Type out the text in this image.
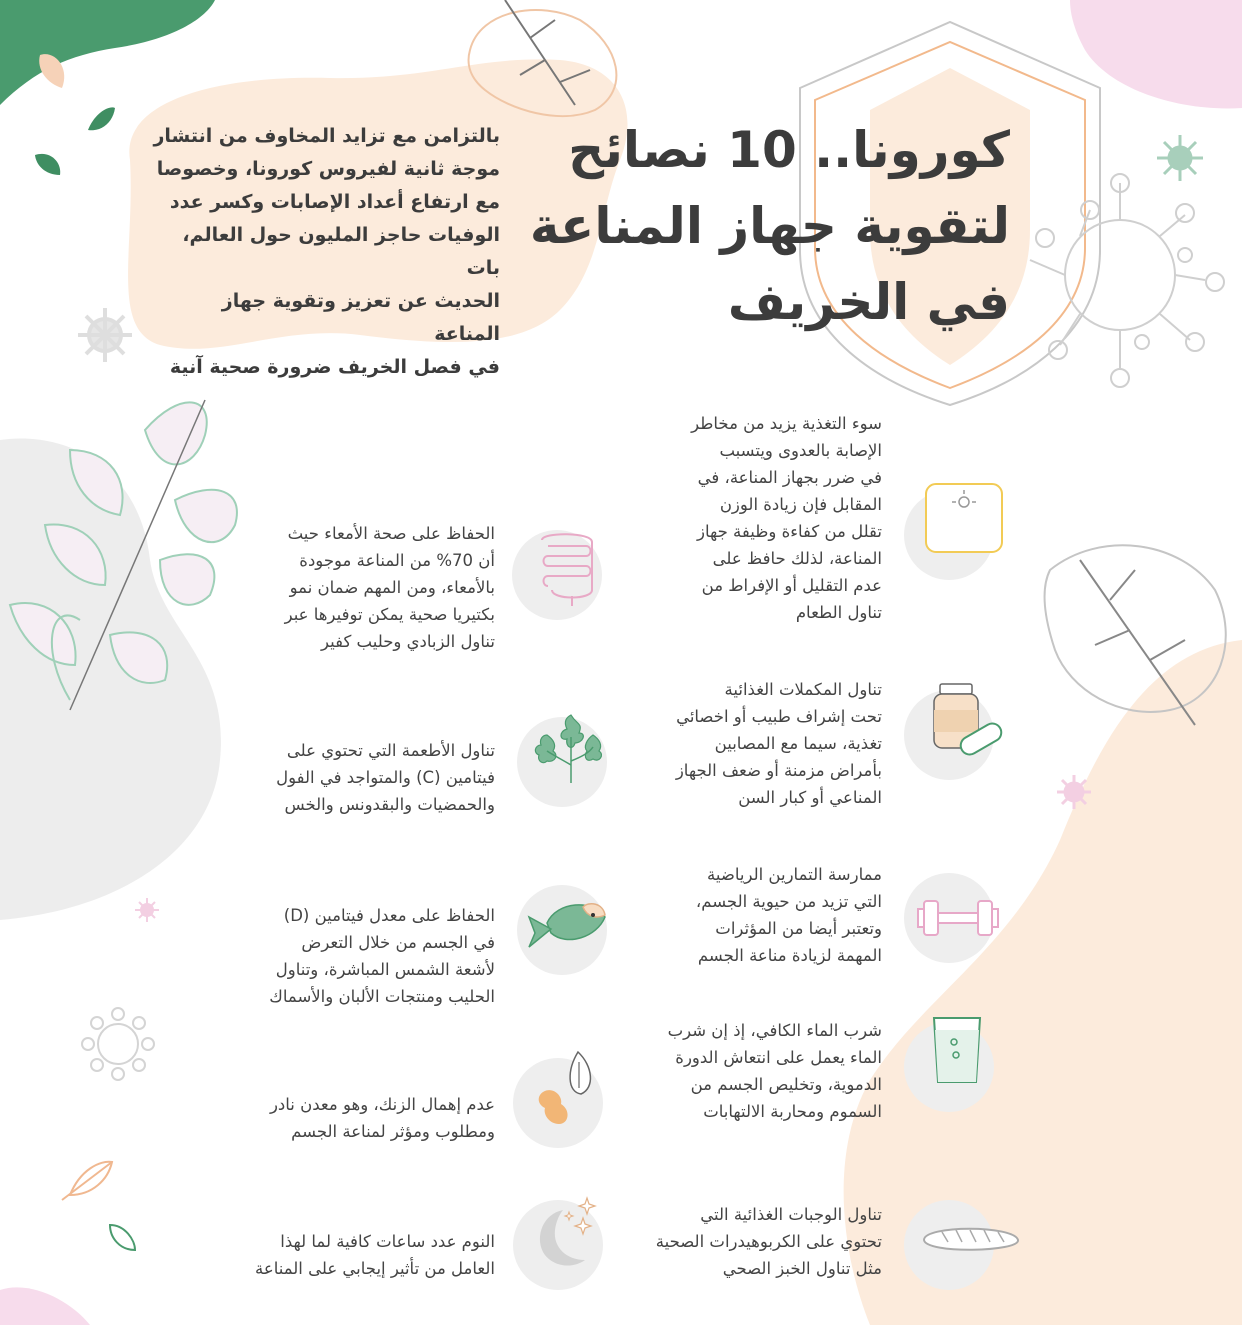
كورونا.. 10 نصائح
لتقوية جهاز المناعة
في الخريف
بالتزامن مع تزايد المخاوف من انتشار
موجة ثانية لفيروس كورونا، وخصوصا
مع ارتفاع أعداد الإصابات وكسر عدد
الوفيات حاجز المليون حول العالم، بات
الحديث عن تعزيز وتقوية جهاز المناعة
في فصل الخريف ضرورة صحية آنية
سوء التغذية يزيد من مخاطر
الإصابة بالعدوى ويتسبب
في ضرر بجهاز المناعة، في
المقابل فإن زيادة الوزن
تقلل من كفاءة وظيفة جهاز
المناعة، لذلك حافظ على
عدم التقليل أو الإفراط من
تناول الطعام
تناول المكملات الغذائية
تحت إشراف طبيب أو اخصائي
تغذية، سيما مع المصابين
بأمراض مزمنة أو ضعف الجهاز
المناعي أو كبار السن
ممارسة التمارين الرياضية
التي تزيد من حيوية الجسم،
وتعتبر أيضا من المؤثرات
المهمة لزيادة مناعة الجسم
شرب الماء الكافي، إذ إن شرب
الماء يعمل على انتعاش الدورة
الدموية، وتخليص الجسم من
السموم ومحاربة الالتهابات
تناول الوجبات الغذائية التي
تحتوي على الكربوهيدرات الصحية
مثل تناول الخبز الصحي
الحفاظ على صحة الأمعاء حيث
أن 70% من المناعة موجودة
بالأمعاء، ومن المهم ضمان نمو
بكتيريا صحية يمكن توفيرها عبر
تناول الزبادي وحليب كفير
تناول الأطعمة التي تحتوي على
فيتامين (C) والمتواجد في الفول
والحمضيات والبقدونس والخس
الحفاظ على معدل فيتامين (D)
في الجسم من خلال التعرض
لأشعة الشمس المباشرة، وتناول
الحليب ومنتجات الألبان والأسماك
عدم إهمال الزنك، وهو معدن نادر
ومطلوب ومؤثر لمناعة الجسم
النوم عدد ساعات كافية لما لهذا
العامل من تأثير إيجابي على المناعة
